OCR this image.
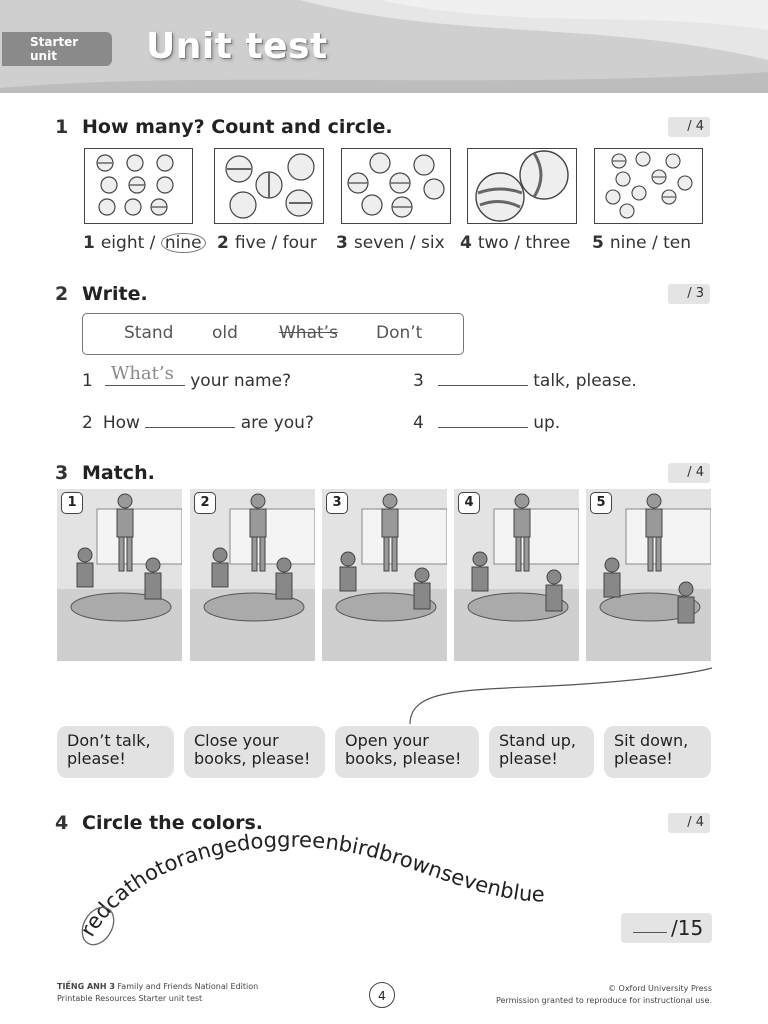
Starter
unit Unit test
1 How many? Count and circle.	/ 4
1 eight / nine 2 five / four 3 seven / six 4 two / three 5 nine / ten
2 Write.	/ 3
Stand old What’s Don’t
1 What’s your name?
2 How	are you?
3	talk, please.
4	up.
3 Match.	/ 4
1	2	3	4	5
Don’t talk,
please!
Close your
books, please!
Open your
books, please!
Stand up,
please!
Sit down,
please!
4 Circle the colors.	/ 4
redcathotorangedoggreenbirdbrownsevenblue
/15
TIẾNG ANH 3 Family and Friends National Edition
Printable Resources Starter unit test	4
© Oxford University Press
Permission granted to reproduce for instructional use.
